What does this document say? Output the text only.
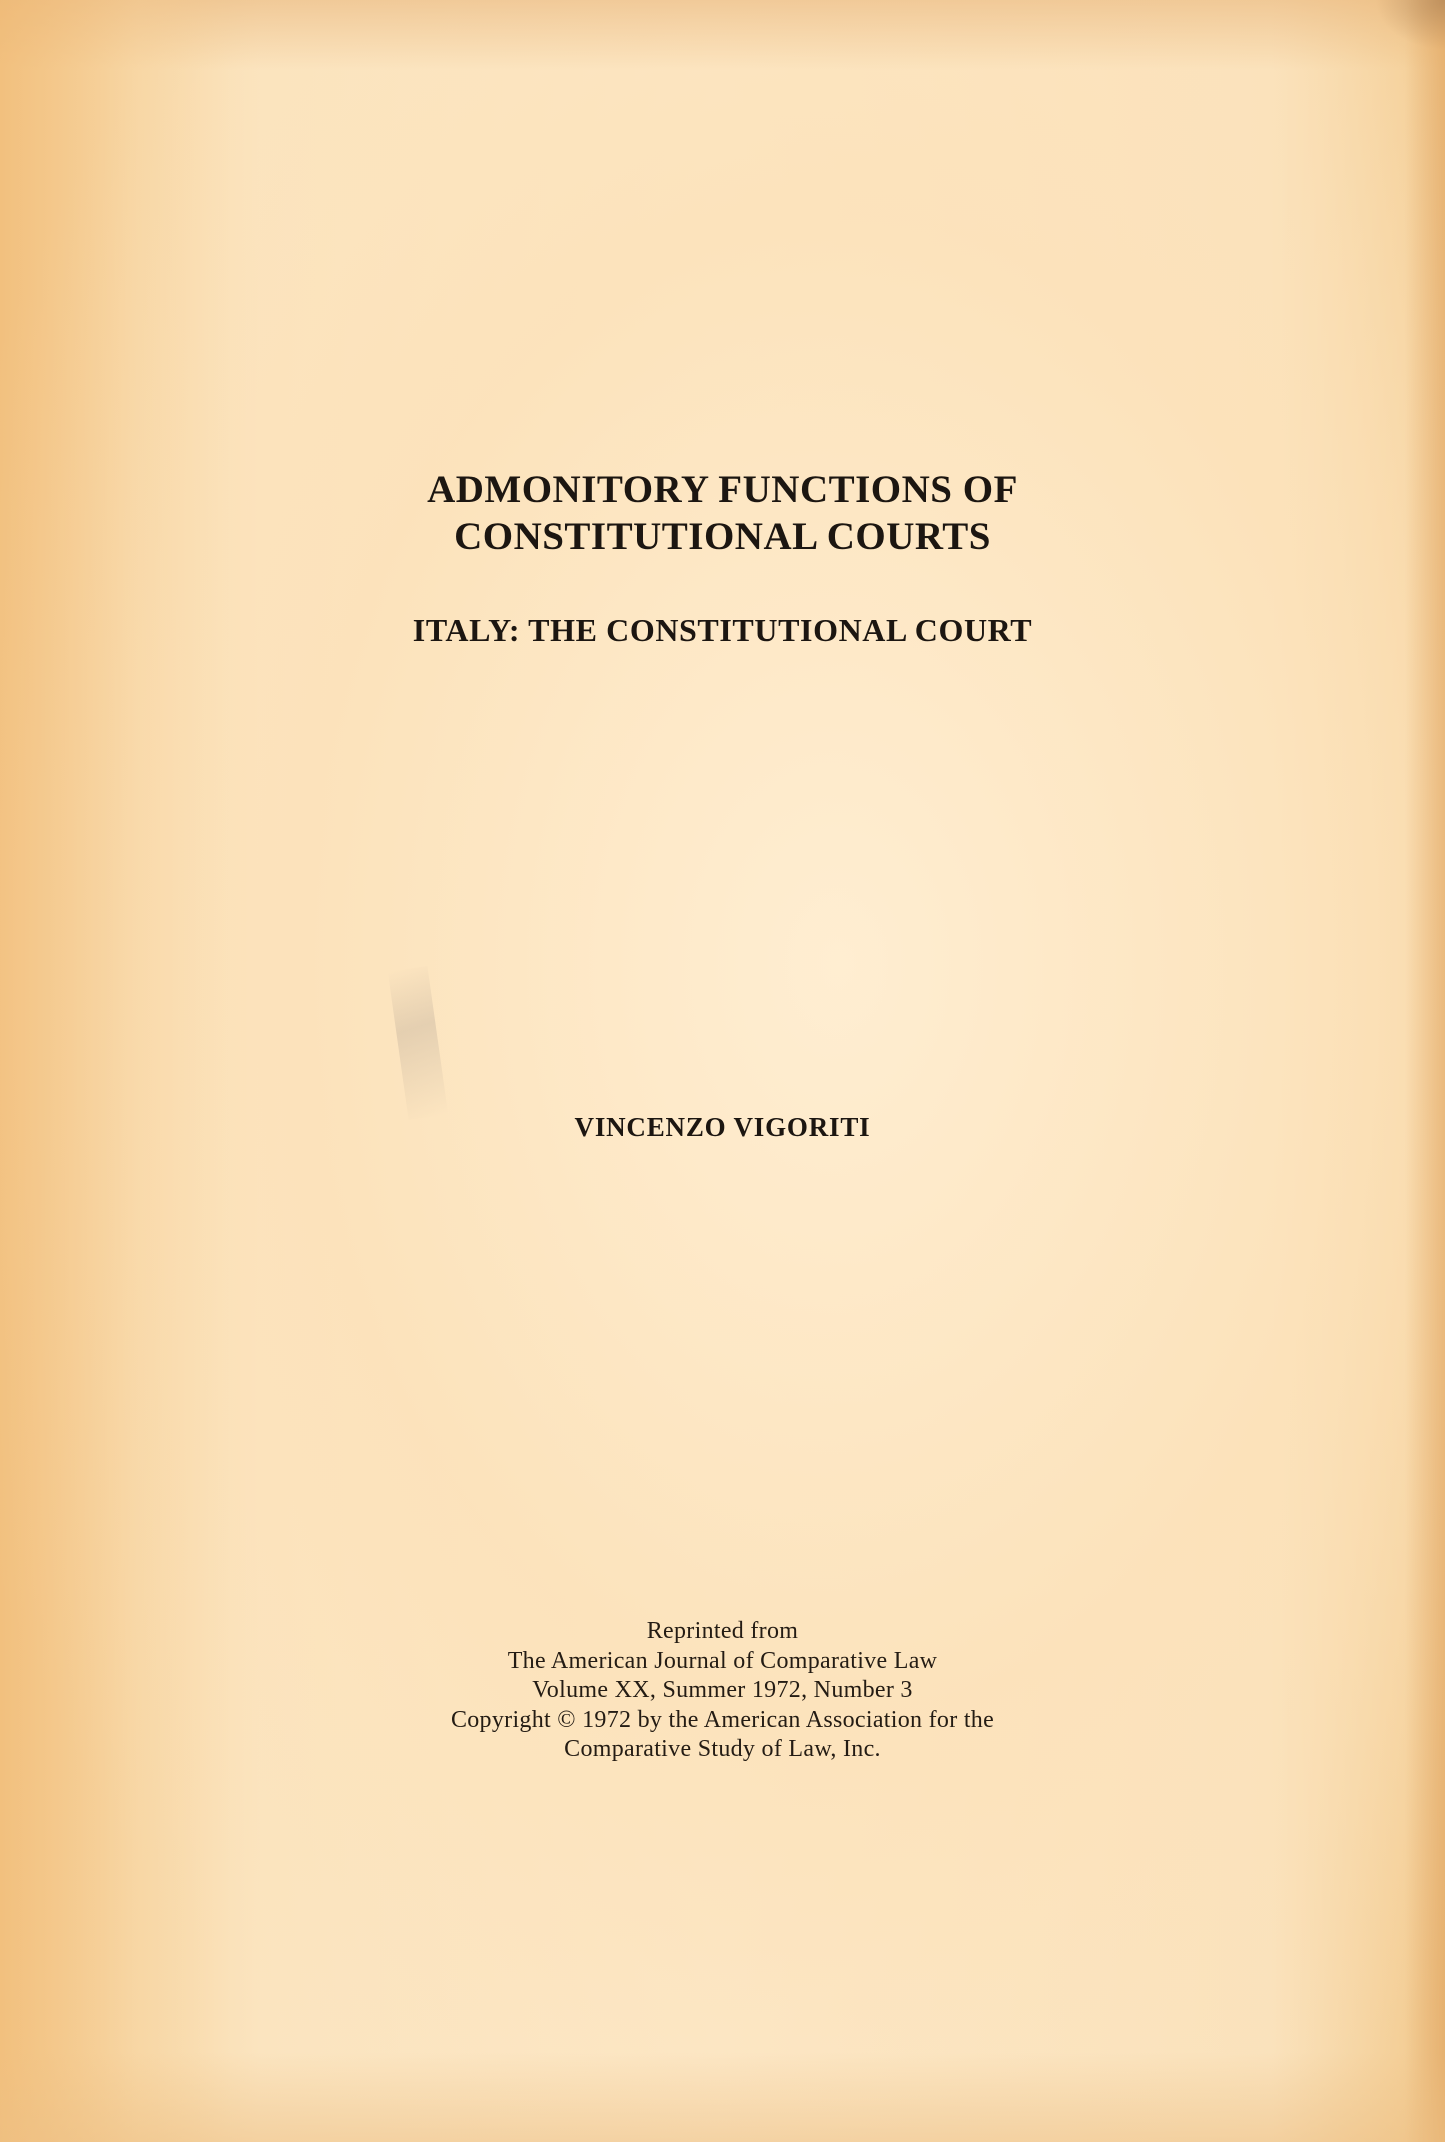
ADMONITORY FUNCTIONS OF
CONSTITUTIONAL COURTS
ITALY: THE CONSTITUTIONAL COURT
VINCENZO VIGORITI
Reprinted from
The American Journal of Comparative Law
Volume XX, Summer 1972, Number 3
Copyright © 1972 by the American Association for the
Comparative Study of Law, Inc.
